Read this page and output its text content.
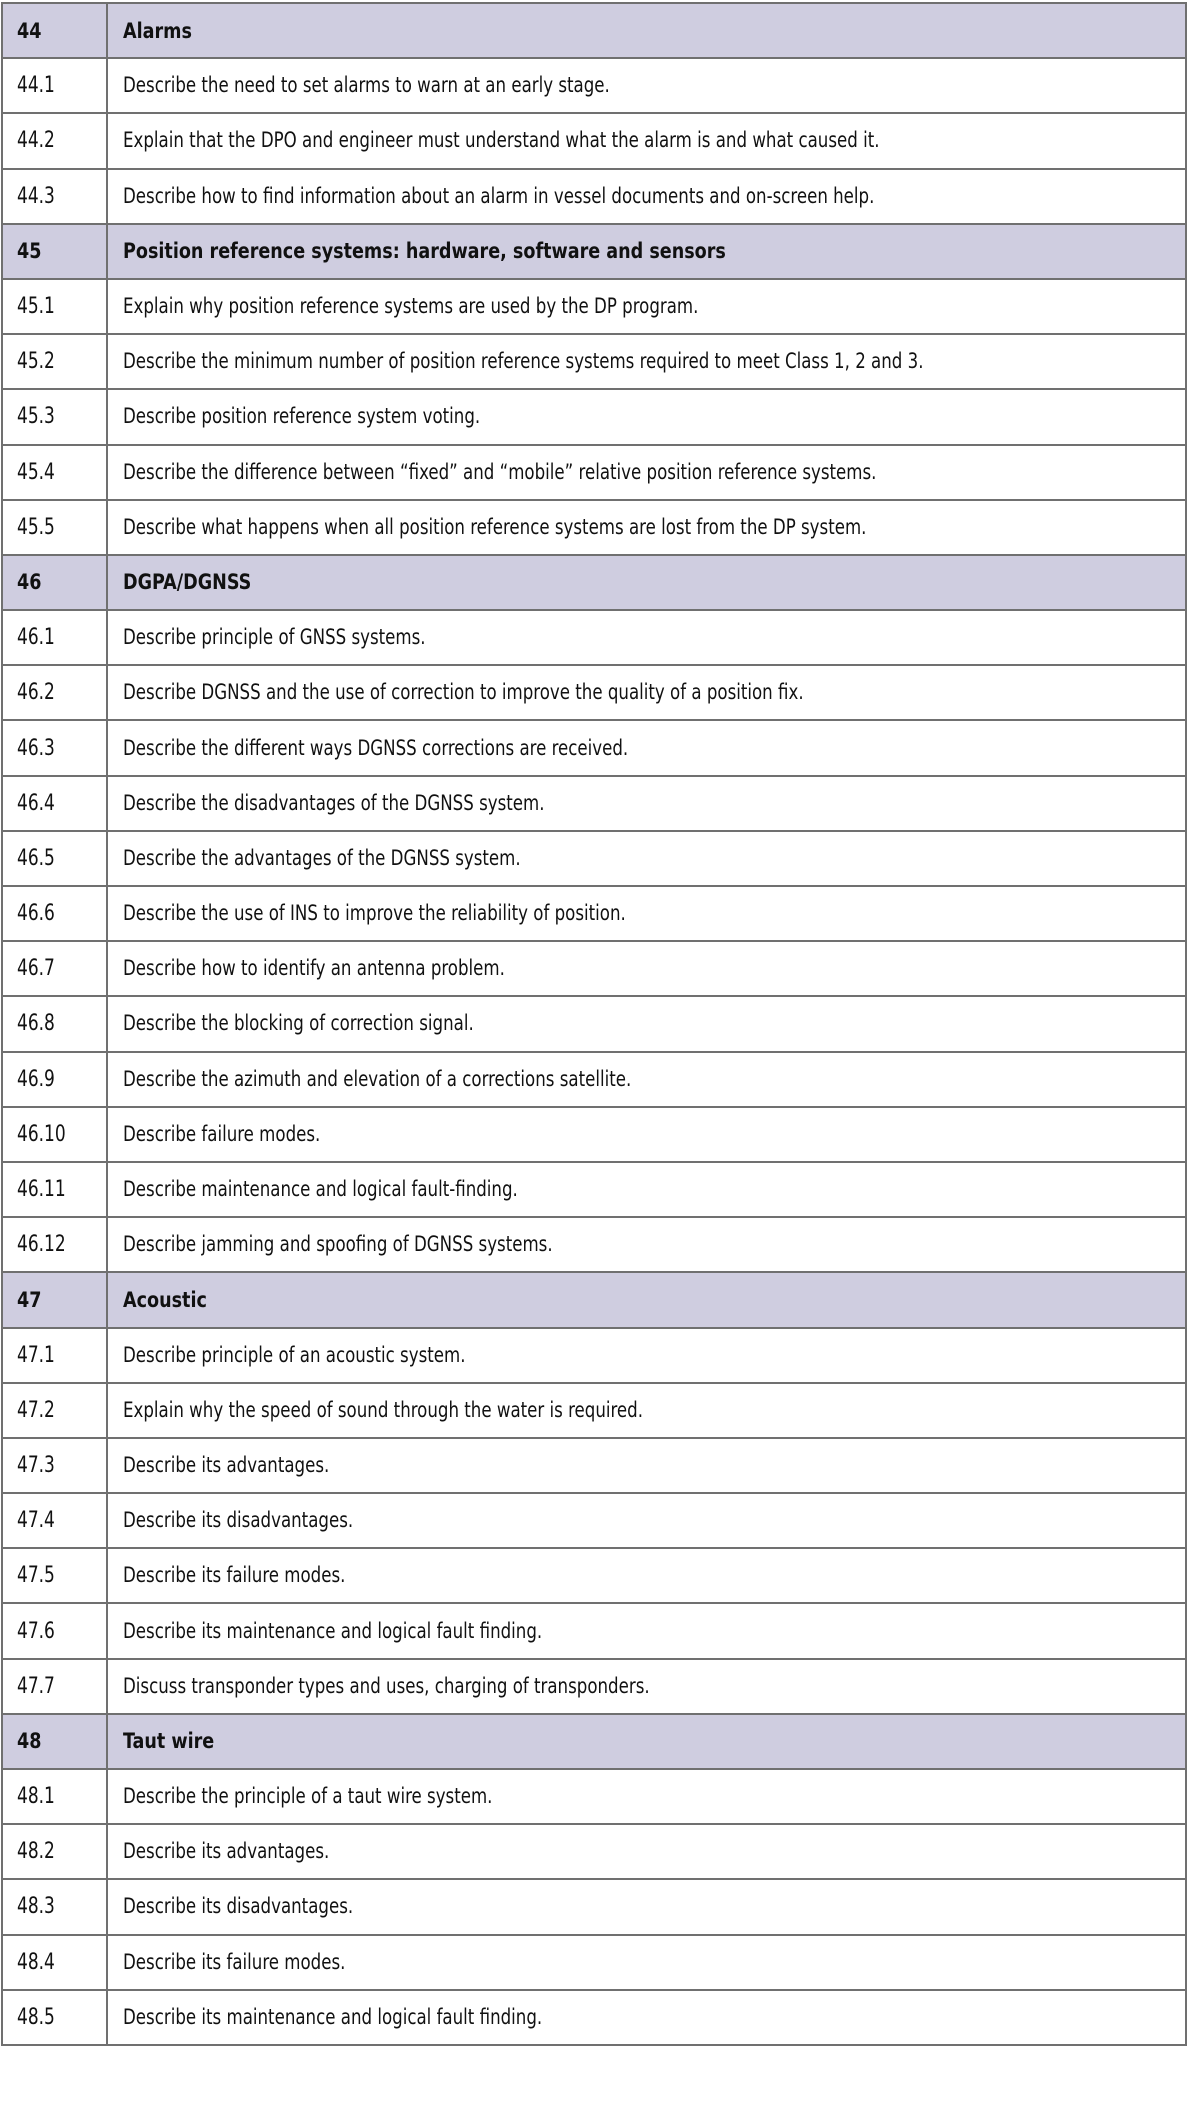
44	Alarms
44.1	Describe the need to set alarms to warn at an early stage.
44.2	Explain that the DPO and engineer must understand what the alarm is and what caused it.
44.3	Describe how to find information about an alarm in vessel documents and on-screen help.
45	Position reference systems: hardware, software and sensors
45.1	Explain why position reference systems are used by the DP program.
45.2	Describe the minimum number of position reference systems required to meet Class 1, 2 and 3.
45.3	Describe position reference system voting.
45.4	Describe the difference between “fixed” and “mobile” relative position reference systems.
45.5	Describe what happens when all position reference systems are lost from the DP system.
46	DGPA/DGNSS
46.1	Describe principle of GNSS systems.
46.2	Describe DGNSS and the use of correction to improve the quality of a position fix.
46.3	Describe the different ways DGNSS corrections are received.
46.4	Describe the disadvantages of the DGNSS system.
46.5	Describe the advantages of the DGNSS system.
46.6	Describe the use of INS to improve the reliability of position.
46.7	Describe how to identify an antenna problem.
46.8	Describe the blocking of correction signal.
46.9	Describe the azimuth and elevation of a corrections satellite.
46.10	Describe failure modes.
46.11	Describe maintenance and logical fault-finding.
46.12	Describe jamming and spoofing of DGNSS systems.
47	Acoustic
47.1	Describe principle of an acoustic system.
47.2	Explain why the speed of sound through the water is required.
47.3	Describe its advantages.
47.4	Describe its disadvantages.
47.5	Describe its failure modes.
47.6	Describe its maintenance and logical fault finding.
47.7	Discuss transponder types and uses, charging of transponders.
48	Taut wire
48.1	Describe the principle of a taut wire system.
48.2	Describe its advantages.
48.3	Describe its disadvantages.
48.4	Describe its failure modes.
48.5	Describe its maintenance and logical fault finding.
